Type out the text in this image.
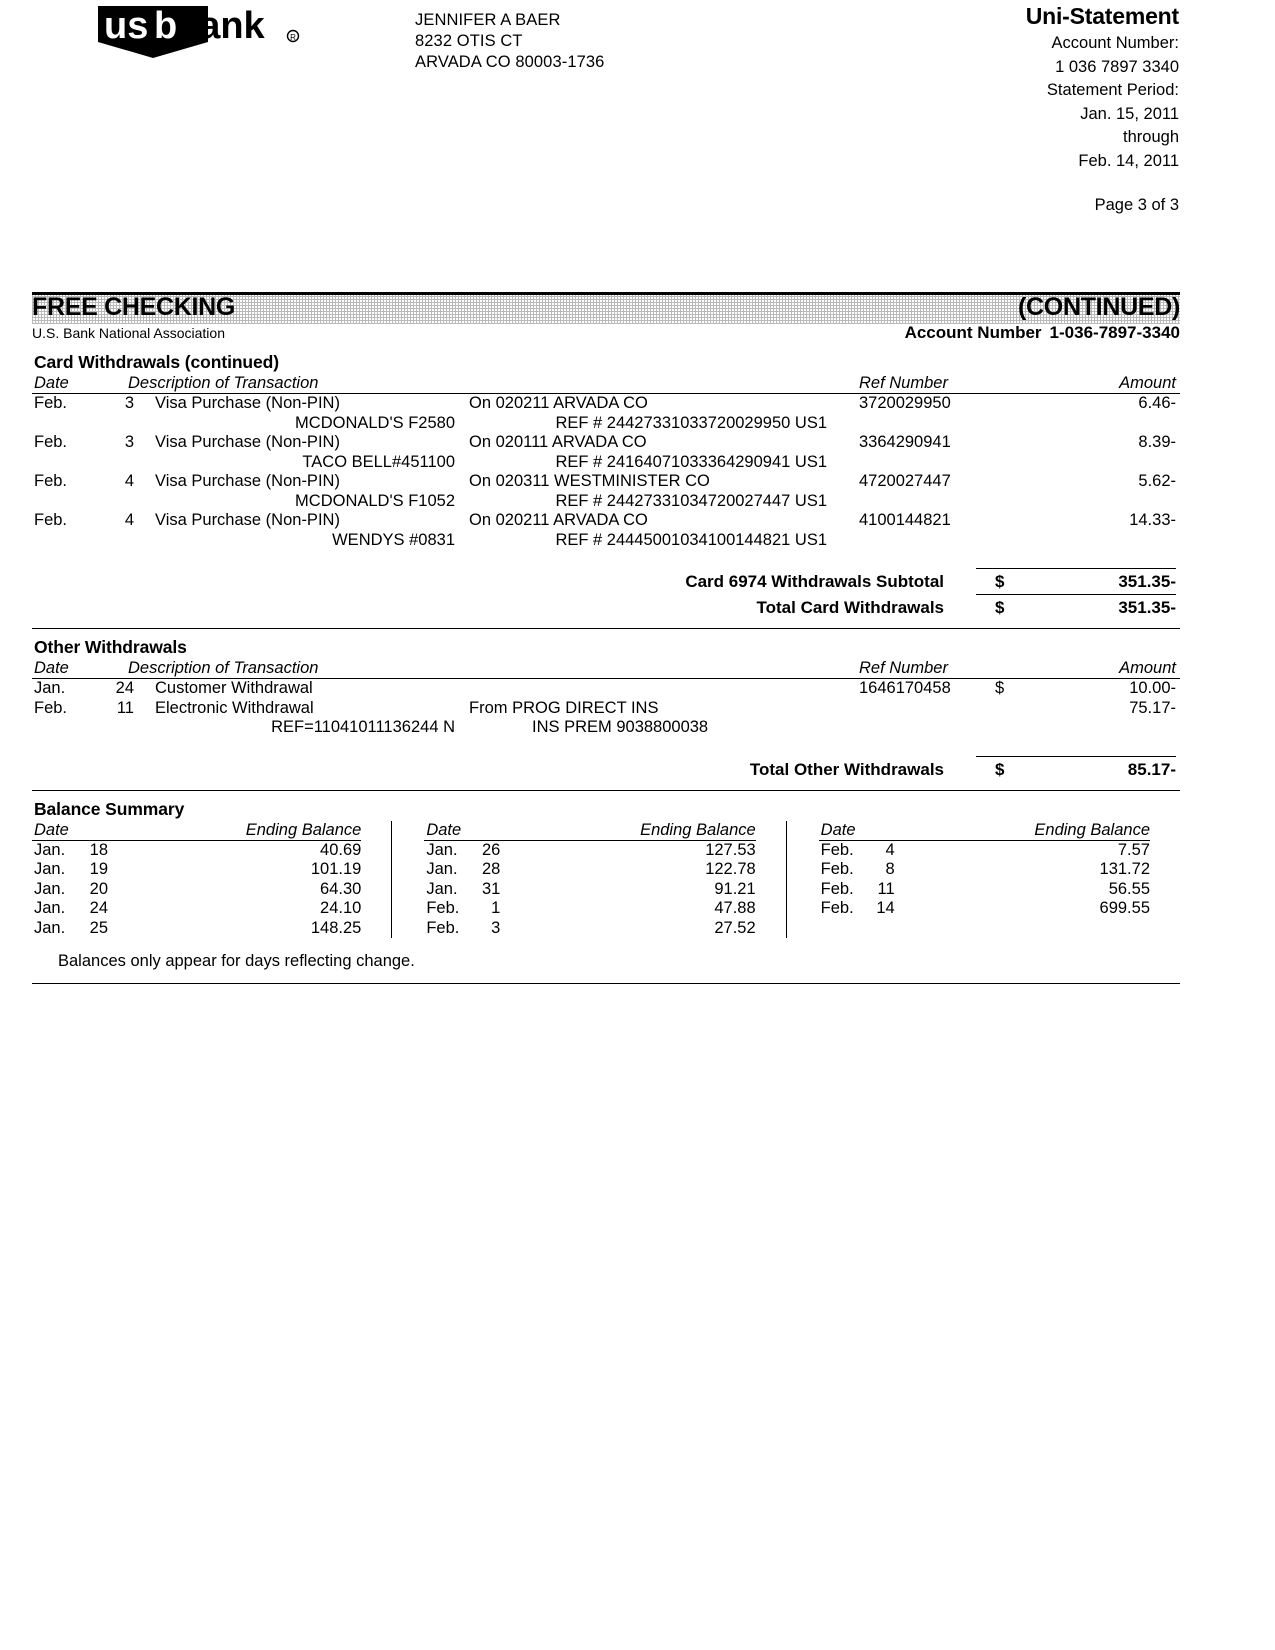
us b
bank	R
JENNIFER A BAER
8232 OTIS CT
ARVADA CO 80003-1736
Uni-Statement
Account Number:
1 036 7897 3340
Statement Period:
Jan. 15, 2011
through
Feb. 14, 2011
Page 3 of 3
FREE CHECKING	(CONTINUED)
U.S. Bank National Association	Account Number 1-036-7897-3340
Card Withdrawals (continued)
Date	Description of Transaction	Ref Number	Amount
Feb.	3 Visa Purchase (Non-PIN)	On 020211 ARVADA CO	3720029950	6.46-
MCDONALD'S F2580	REF # 24427331033720029950 US1
Feb.	3 Visa Purchase (Non-PIN)	On 020111 ARVADA CO	3364290941	8.39-
TACO BELL#451100	REF # 24164071033364290941 US1
Feb.	4 Visa Purchase (Non-PIN)	On 020311 WESTMINISTER CO	4720027447	5.62-
MCDONALD'S F1052	REF # 24427331034720027447 US1
Feb.	4 Visa Purchase (Non-PIN)	On 020211 ARVADA CO	4100144821	14.33-
WENDYS #0831	REF # 24445001034100144821 US1
Card 6974 Withdrawals Subtotal	$	351.35-
Total Card Withdrawals	$	351.35-
Other Withdrawals
Date	Description of Transaction	Ref Number	Amount
Jan.	24 Customer Withdrawal	1646170458	$	10.00-
Feb.	11 Electronic Withdrawal	From PROG DIRECT INS	75.17-
REF=11041011136244 N	INS PREM 9038800038
Total Other Withdrawals	$	85.17-
Balance Summary
Date	Ending Balance
Jan.	18	40.69
Jan.	19	101.19
Jan.	20	64.30
Jan.	24	24.10
Jan.	25	148.25
Date	Ending Balance
Jan.	26	127.53
Jan.	28	122.78
Jan.	31	91.21
Feb.	1	47.88
Feb.	3	27.52
Date	Ending Balance
Feb.	4	7.57
Feb.	8	131.72
Feb.	11	56.55
Feb.	14	699.55
Balances only appear for days reflecting change.
